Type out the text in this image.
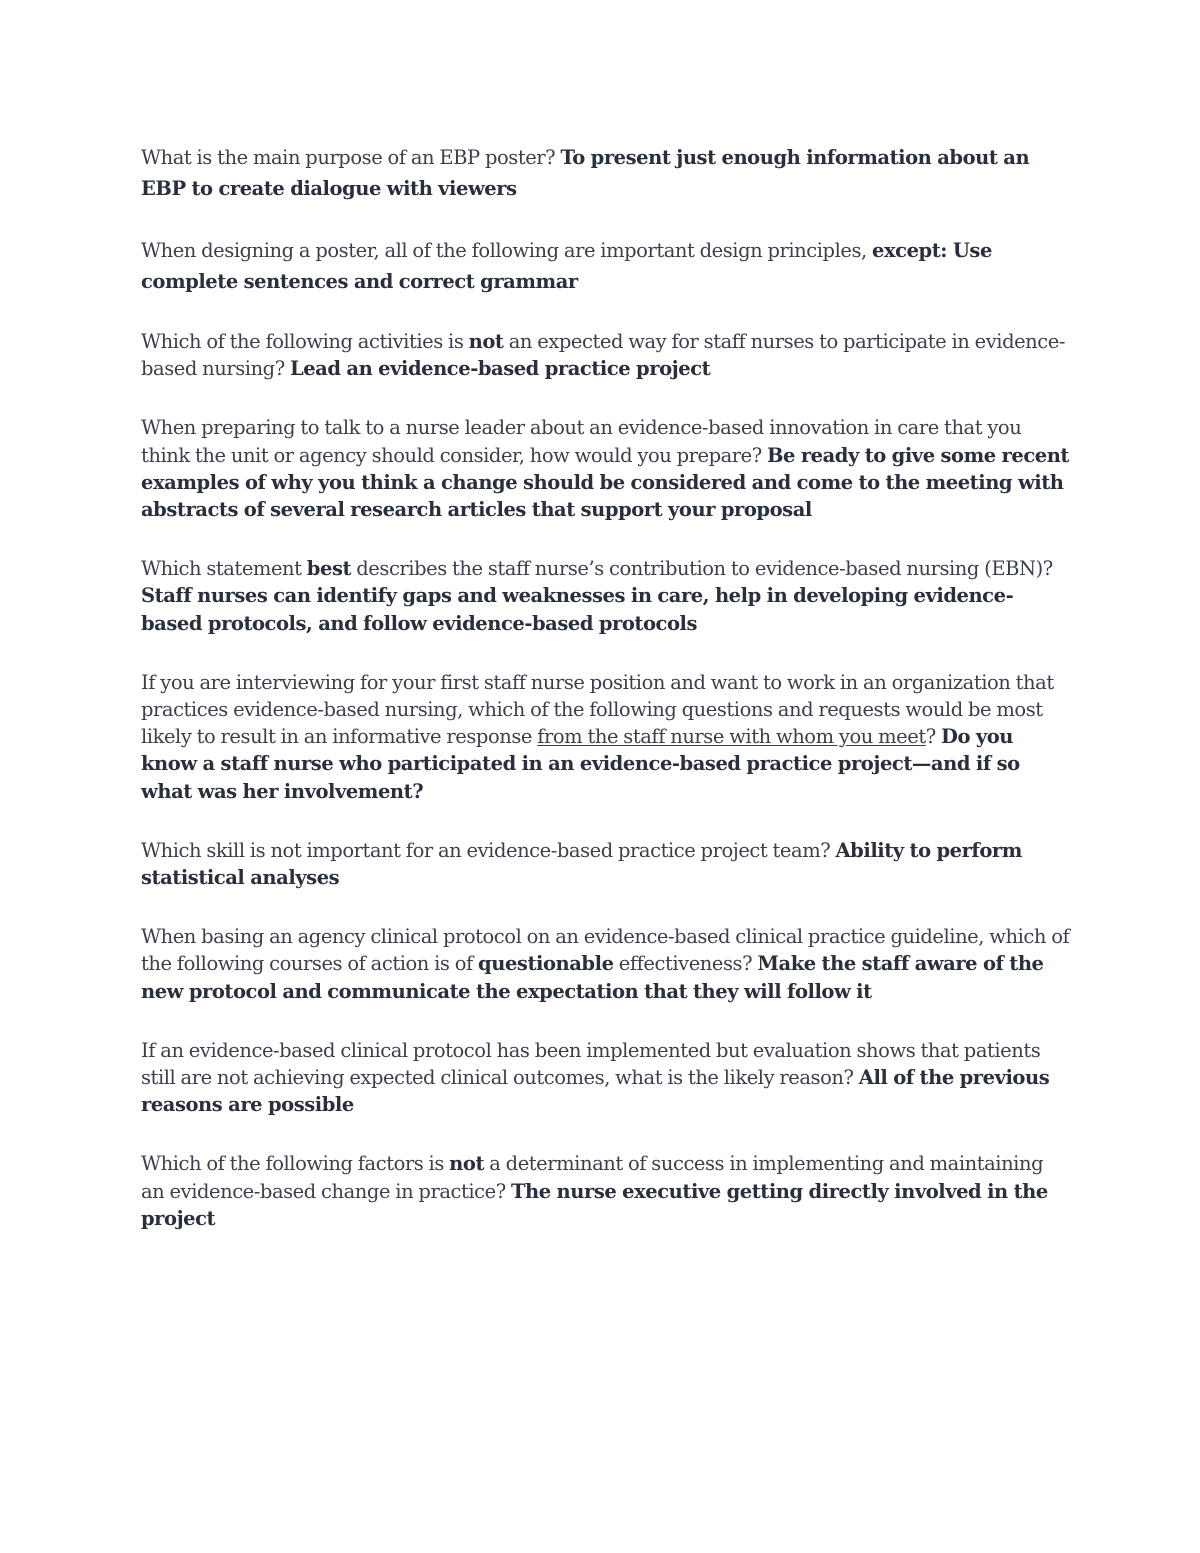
What is the main purpose of an EBP poster? To present just enough information about an EBP to create dialogue with viewers

When designing a poster, all of the following are important design principles, except: Use complete sentences and correct grammar

Which of the following activities is not an expected way for staff nurses to participate in evidence-based nursing? Lead an evidence-based practice project

When preparing to talk to a nurse leader about an evidence-based innovation in care that you think the unit or agency should consider, how would you prepare? Be ready to give some recent examples of why you think a change should be considered and come to the meeting with abstracts of several research articles that support your proposal

Which statement best describes the staff nurse’s contribution to evidence-based nursing (EBN)? Staff nurses can identify gaps and weaknesses in care, help in developing evidence-based protocols, and follow evidence-based protocols

If you are interviewing for your first staff nurse position and want to work in an organization that practices evidence-based nursing, which of the following questions and requests would be most likely to result in an informative response from the staff nurse with whom you meet? Do you know a staff nurse who participated in an evidence-based practice project—and if so what was her involvement?

Which skill is not important for an evidence-based practice project team? Ability to perform statistical analyses

When basing an agency clinical protocol on an evidence-based clinical practice guideline, which of the following courses of action is of questionable effectiveness? Make the staff aware of the new protocol and communicate the expectation that they will follow it

If an evidence-based clinical protocol has been implemented but evaluation shows that patients still are not achieving expected clinical outcomes, what is the likely reason? All of the previous reasons are possible

Which of the following factors is not a determinant of success in implementing and maintaining an evidence-based change in practice? The nurse executive getting directly involved in the project
